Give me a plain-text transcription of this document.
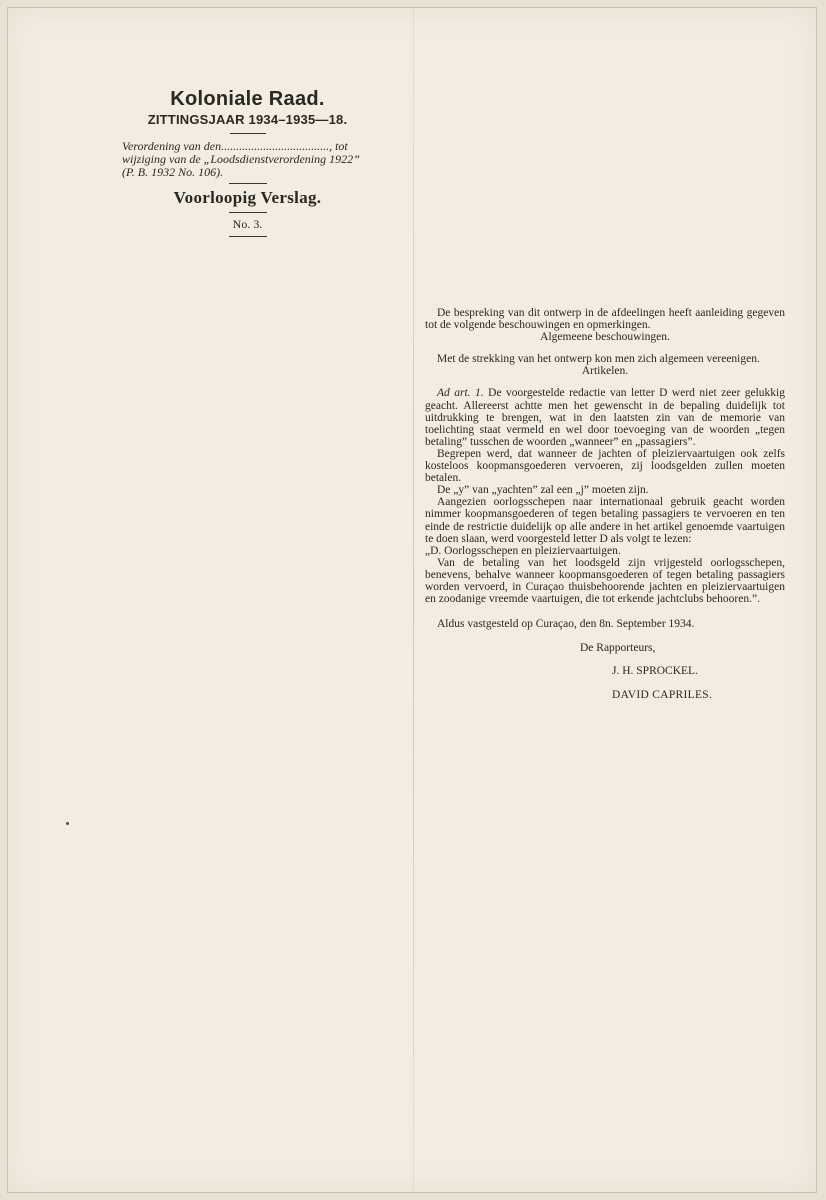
Koloniale Raad.
ZITTINGSJAAR 1934–1935—18.
Verordening van den...................................., tot wijziging van de „Loodsdienstverordening 1922” (P. B. 1932 No. 106).
Voorloopig Verslag.
No. 3.

De bespreking van dit ontwerp in de afdeelingen heeft aanleiding gegeven tot de volgende beschouwingen en opmerkingen.

Algemeene beschouwingen.

Met de strekking van het ontwerp kon men zich algemeen vereenigen.

Artikelen.

Ad art. 1. De voorgestelde redactie van letter D werd niet zeer gelukkig geacht. Allereerst achtte men het gewenscht in de bepaling duidelijk tot uitdrukking te brengen, wat in den laatsten zin van de memorie van toelichting staat vermeld en wel door toevoeging van de woorden „tegen betaling” tusschen de woorden „wanneer” en „passagiers”.

Begrepen werd, dat wanneer de jachten of pleiziervaartuigen ook zelfs kosteloos koopmansgoederen vervoeren, zij loodsgelden zullen moeten betalen.

De „y” van „yachten” zal een „j” moeten zijn.

Aangezien oorlogsschepen naar internationaal gebruik geacht worden nimmer koopmansgoederen of tegen betaling passagiers te vervoeren en ten einde de restrictie duidelijk op alle andere in het artikel genoemde vaartuigen te doen slaan, werd voorgesteld letter D als volgt te lezen:

„D. Oorlogsschepen en pleiziervaartuigen.

Van de betaling van het loodsgeld zijn vrijgesteld oorlogsschepen, benevens, behalve wanneer koopmansgoederen of tegen betaling passagiers worden vervoerd, in Curaçao thuisbehoorende jachten en pleiziervaartuigen en zoodanige vreemde vaartuigen, die tot erkende jachtclubs behooren.”.

Aldus vastgesteld op Curaçao, den 8n. September 1934.

De Rapporteurs,
J. H. SPROCKEL.
DAVID CAPRILES.
